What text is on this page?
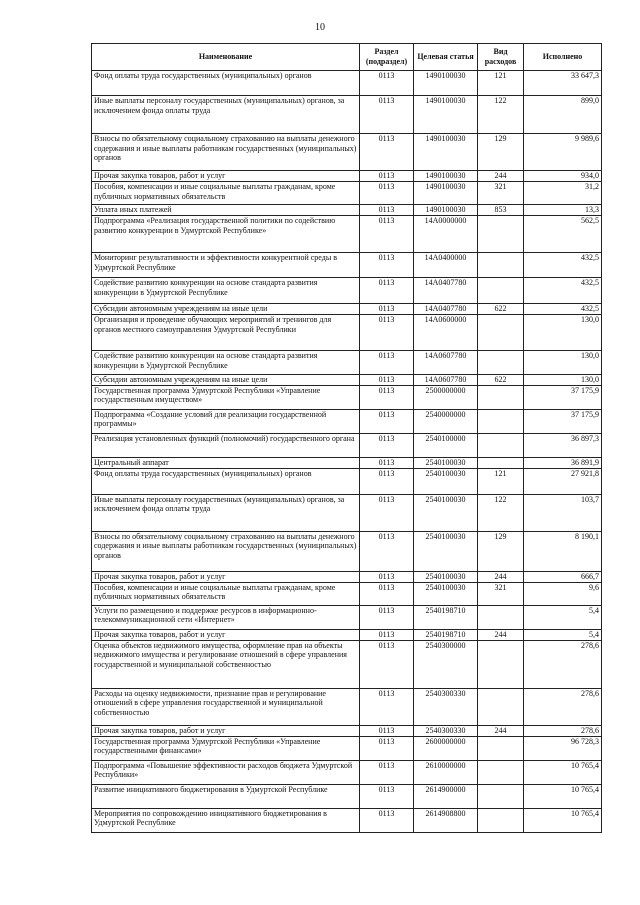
10
Наименование	Раздел (подраздел)	Целевая статья	Вид расходов	Исполнено
Фонд оплаты труда государственных (муниципальных) органов	0113	1490100030	121	33 647,3
Иные выплаты персоналу государственных (муниципальных) органов, за исключением фонда оплаты труда	0113	1490100030	122	899,0
Взносы по обязательному социальному страхованию на выплаты денежного содержания и иные выплаты работникам государственных (муниципальных) органов	0113	1490100030	129	9 989,6
Прочая закупка товаров, работ и услуг	0113	1490100030	244	934,0
Пособия, компенсации и иные социальные выплаты гражданам, кроме публичных нормативных обязательств	0113	1490100030	321	31,2
Уплата иных платежей	0113	1490100030	853	13,3
Подпрограмма «Реализация государственной политики по содействию развитию конкуренции в Удмуртской Республике»	0113	14А0000000		562,5
Мониторинг результативности и эффективности конкурентной среды в Удмуртской Республике	0113	14А0400000		432,5
Содействие развитию конкуренции на основе стандарта развития конкуренции в Удмуртской Республике	0113	14А0407780		432,5
Субсидии автономным учреждениям на иные цели	0113	14А0407780	622	432,5
Организация и проведение обучающих мероприятий и тренингов для органов местного самоуправления Удмуртской Республики	0113	14А0600000		130,0
Содействие развитию конкуренции на основе стандарта развития конкуренции в Удмуртской Республике	0113	14А0607780		130,0
Субсидии автономным учреждениям на иные цели	0113	14А0607780	622	130,0
Государственная программа Удмуртской Республики «Управление государственным имуществом»	0113	2500000000		37 175,9
Подпрограмма «Создание условий для реализации государственной программы»	0113	2540000000		37 175,9
Реализация установленных функций (полномочий) государственного органа	0113	2540100000		36 897,3
Центральный аппарат	0113	2540100030		36 891,9
Фонд оплаты труда государственных (муниципальных) органов	0113	2540100030	121	27 921,8
Иные выплаты персоналу государственных (муниципальных) органов, за исключением фонда оплаты труда	0113	2540100030	122	103,7
Взносы по обязательному социальному страхованию на выплаты денежного содержания и иные выплаты работникам государственных (муниципальных) органов	0113	2540100030	129	8 190,1
Прочая закупка товаров, работ и услуг	0113	2540100030	244	666,7
Пособия, компенсации и иные социальные выплаты гражданам, кроме публичных нормативных обязательств	0113	2540100030	321	9,6
Услуги по размещению и поддержке ресурсов в информационно-телекоммуникационной сети «Интернет»	0113	2540198710		5,4
Прочая закупка товаров, работ и услуг	0113	2540198710	244	5,4
Оценка объектов недвижимого имущества, оформление прав на объекты недвижимого имущества и регулирование отношений в сфере управления государственной и муниципальной собственностью	0113	2540300000		278,6
Расходы на оценку недвижимости, признание прав и регулирование отношений в сфере управления государственной и муниципальной собственностью	0113	2540300330		278,6
Прочая закупка товаров, работ и услуг	0113	2540300330	244	278,6
Государственная программа Удмуртской Республики «Управление государственными финансами»	0113	2600000000		96 728,3
Подпрограмма «Повышение эффективности расходов бюджета Удмуртской Республики»	0113	2610000000		10 765,4
Развитие инициативного бюджетирования в Удмуртской Республике	0113	2614900000		10 765,4
Мероприятия по сопровождению инициативного бюджетирования в Удмуртской Республике	0113	2614908800		10 765,4
